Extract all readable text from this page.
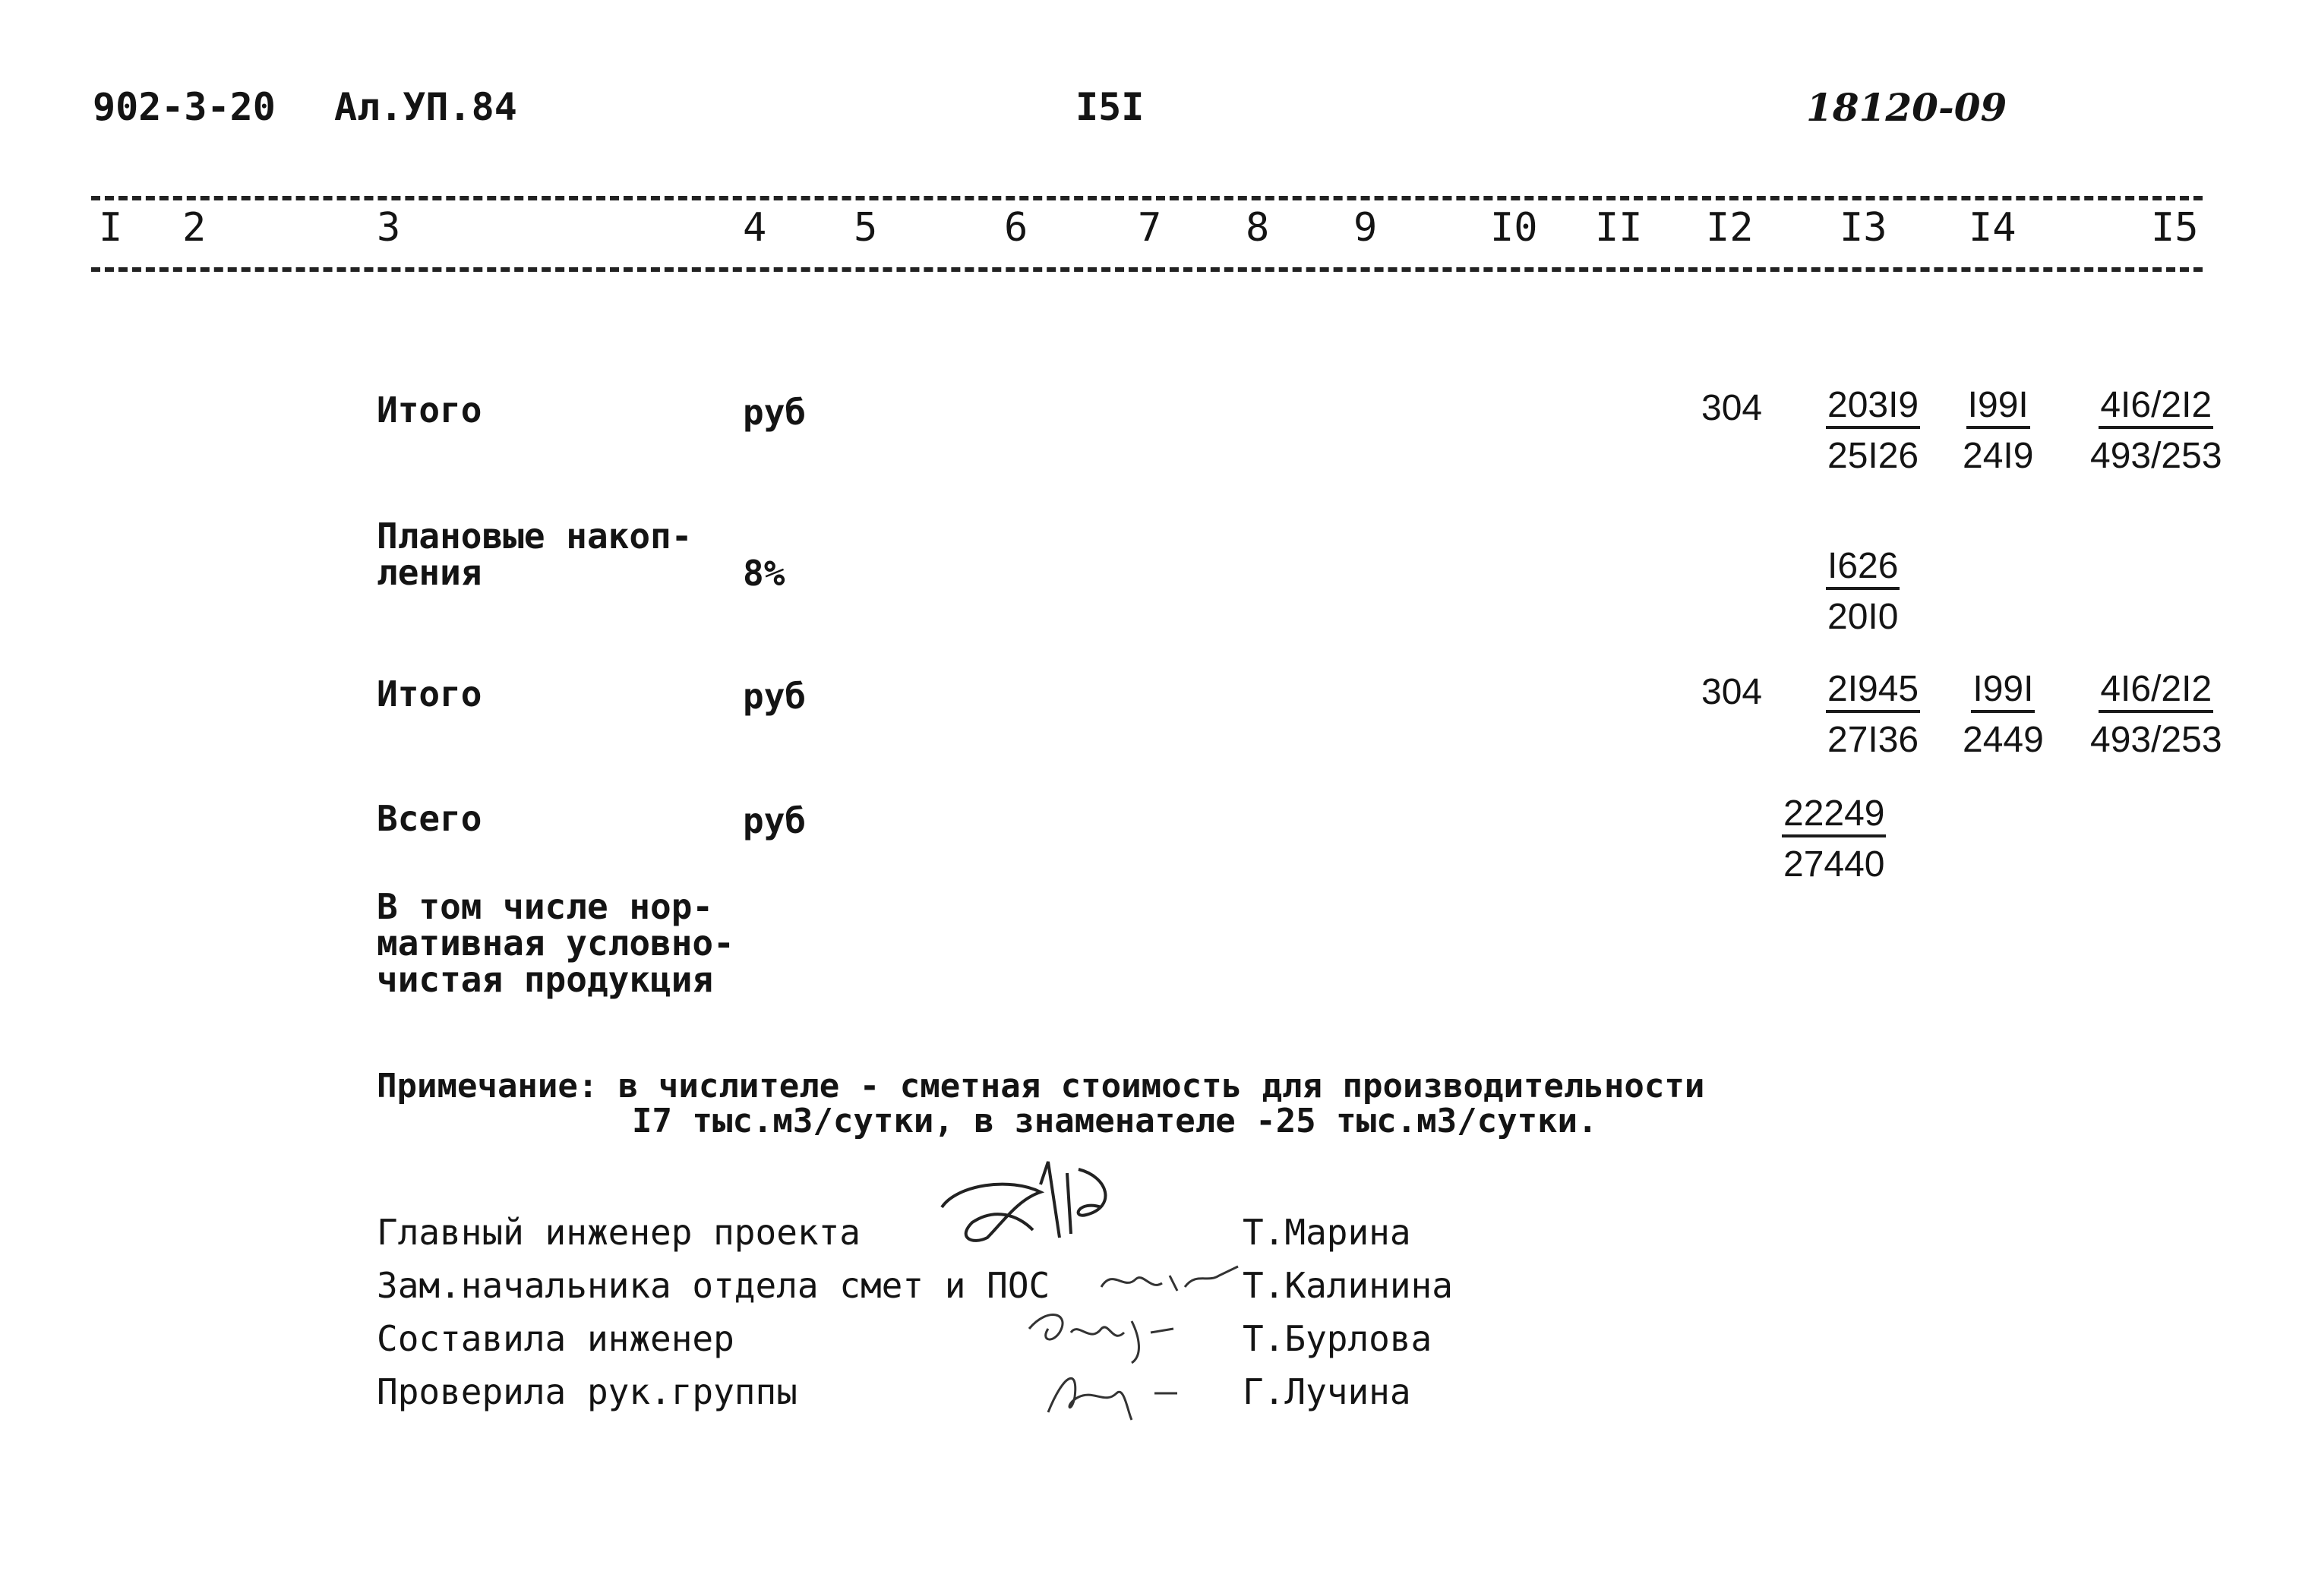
902-3-20 Ал.УП.84	I5I	18120-09
I 2	3	4 5	6	7 8 9	I0 II I2 I3 I4	I5
Итого	руб	$304 \frac{203I9}{25I26} \frac{I99I}{24I9} \frac{4I6/2I2}{493/253}$
Плановые накоп-
ления	8%	$\frac{I626}{20I0}$
Итого	руб	$304 \frac{2I945}{27I36} \frac{I99I}{2449} \frac{4I6/2I2}{493/253}$
Всего	руб	$\frac{22249}{27440}$
В том числе нор-
мативная условно-
чистая продукция
Примечание: в числителе - сметная стоимость для производительности
I7 тыс.м3/сутки, в знаменателе -25 тыс.м3/сутки.
Главный инженер проекта	Т.Марина
Зам.начальника отдела смет и ПОС	Т.Калинина
Составила инженер	Т.Бурлова
Проверила рук.группы	Г.Лучина
